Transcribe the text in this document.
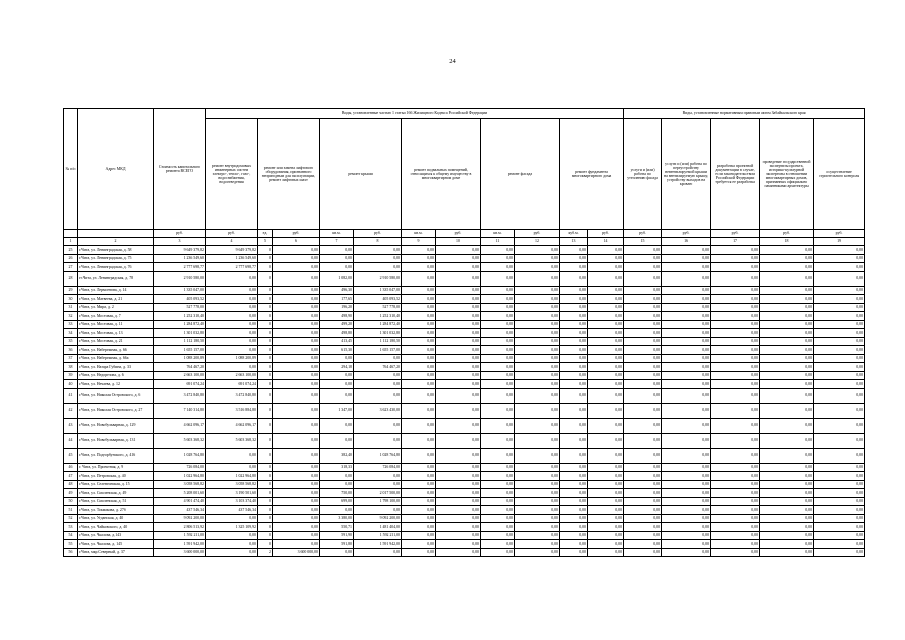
24
№ п/п	Адрес МКД	Стоимость капитального ремонта ВСЕГО	Виды, установленные частью 1 статьи 166 Жилищного Кодекса Российской Федерации											Виды, установленные нормативным правовым актом Забайкальского края				
			ремонт внутридомовых инженерных систем электро-, тепло-, газо-, водоснабжения, водоотведения	ремонт или замена лифтового оборудования, признанного непригодным для эксплуатации, ремонт лифтовых шахт		ремонт крыши		ремонт подвальных помещений, относящихся к общему имуществу в многоквартирном доме		ремонт фасада		ремонт фундамента многоквартирного дома		услуги и (или) работы по утеплению фасада	услуги и (или) работы по переустройству невентилируемой крыши на вентилируемую крышу, устройству выходов на кровлю	разработка проектной документации в случае, если законодательством Российской Федерации требуется ее разработка	проведение государственной экспертизы проекта, историко-культурной экспертизы в отношении многоквартирных домов, признанных официально памятниками архитектуры	осуществление строительного контроля
		руб.	руб.	ед.	руб.	кв.м.	руб.	кв.м.	руб.	кв.м.	руб.	куб.м.	руб.	руб.	руб.	руб.	руб.	руб.
1	2	3	4	5	6	7	8	9	10	11	12	13	14	15	16	17	18	19
25	г.Чита, ул. Ленинградская, д. 58	9 649 379,82	9 649 379,82	0	0,00	0,00	0,00	0,00	0,00	0,00	0,00	0,00	0,00	0,00	0,00	0,00	0,00	0,00
26	г.Чита, ул. Ленинградская, д. 75	1 236 549,60	1 236 549,60	0	0,00	0,00	0,00	0,00	0,00	0,00	0,00	0,00	0,00	0,00	0,00	0,00	0,00	0,00
27	г.Чита, ул. Ленинградская, д. 76	2 777 698,77	2 777 698,77	0	0,00	0,00	0,00	0,00	0,00	0,00	0,00	0,00	0,00	0,00	0,00	0,00	0,00	0,00
28	гг.Чита, ул. Ленинградская, д. 78	2 910 580,00	0,00	0	0,00	1 082,00	2 910 580,00	0,00	0,00	0,00	0,00	0,00	0,00	0,00	0,00	0,00	0,00	0,00
29	г.Чита, ул. Лермонтова, д. 14	1 335 047,00	0,00	0	0,00	496,30	1 335 047,00	0,00	0,00	0,00	0,00	0,00	0,00	0,00	0,00	0,00	0,00	0,00
30	г.Чита, ул. Матвеева, д. 21	405 093,52	0,00	0	0,00	177,65	405 093,52	0,00	0,00	0,00	0,00	0,00	0,00	0,00	0,00	0,00	0,00	0,00
31	г.Чита, ул. Мира, д. 2	527 778,00	0,00	0	0,00	196,20	527 778,00	0,00	0,00	0,00	0,00	0,00	0,00	0,00	0,00	0,00	0,00	0,00
32	г.Чита, ул. Мостовая, д. 7	1 252 310,40	0,00	0	0,00	498,90	1 252 310,40	0,00	0,00	0,00	0,00	0,00	0,00	0,00	0,00	0,00	0,00	0,00
33	г.Чита, ул. Мостовая, д. 11	1 284 872,40	0,00	0	0,00	499,20	1 284 872,40	0,00	0,00	0,00	0,00	0,00	0,00	0,00	0,00	0,00	0,00	0,00
34	г.Чита, ул. Мостовая, д. 13	1 301 032,80	0,00	0	0,00	498,80	1 301 032,80	0,00	0,00	0,00	0,00	0,00	0,00	0,00	0,00	0,00	0,00	0,00
35	г.Чита, ул. Мостовая, д. 21	1 112 180,50	0,00	0	0,00	413,45	1 112 180,50	0,00	0,00	0,00	0,00	0,00	0,00	0,00	0,00	0,00	0,00	0,00
36	г.Чита, ул. Набережная, д. 66	1 655 157,00	0,00	0	0,00	615,30	1 655 157,00	0,00	0,00	0,00	0,00	0,00	0,00	0,00	0,00	0,00	0,00	0,00
37	г.Чита, ул. Набережная, д. 66а	1 088 200,89	1 088 200,89	0	0,00	0,00	0,00	0,00	0,00	0,00	0,00	0,00	0,00	0,00	0,00	0,00	0,00	0,00
38	г.Чита, ул. Назара Губина, д. 33	764 467,20	0,00	0	0,00	294,18	764 467,20	0,00	0,00	0,00	0,00	0,00	0,00	0,00	0,00	0,00	0,00	0,00
39	г.Чита, ул. Недорезова, д. 6	2 663 100,00	2 663 100,00	0	0,00	0,00	0,00	0,00	0,00	0,00	0,00	0,00	0,00	0,00	0,00	0,00	0,00	0,00
40	г.Чита, ул. Нечаева, д. 12	691 074,24	691 074,24	0	0,00	0,00	0,00	0,00	0,00	0,00	0,00	0,00	0,00	0,00	0,00	0,00	0,00	0,00
41	г.Чита, ул. Николая Островского, д. 6	3 472 840,80	3 472 840,80	0	0,00	0,00	0,00	0,00	0,00	0,00	0,00	0,00	0,00	0,00	0,00	0,00	0,00	0,00
42	г.Чита, ул. Николая Островского, д. 27	7 140 314,80	3 516 884,80	0	0,00	1 347,00	3 623 430,00	0,00	0,00	0,00	0,00	0,00	0,00	0,00	0,00	0,00	0,00	0,00
43	г.Чита, ул. Новобульварная, д. 129	4 662 096,17	4 662 096,17	0	0,00	0,00	0,00	0,00	0,00	0,00	0,00	0,00	0,00	0,00	0,00	0,00	0,00	0,00
44	г.Чита, ул. Новобульварная, д. 131	5 603 368,32	5 603 368,32	0	0,00	0,00	0,00	0,00	0,00	0,00	0,00	0,00	0,00	0,00	0,00	0,00	0,00	0,00
45	г.Чита, ул. Подгорбунского, д. 416	1 028 764,80	0,00	0	0,00	382,40	1 028 764,80	0,00	0,00	0,00	0,00	0,00	0,00	0,00	0,00	0,00	0,00	0,00
46	г. Чита, ул. Проектная, д. 9	726 084,00	0,00	0	0,00	318,33	726 084,00	0,00	0,00	0,00	0,00	0,00	0,00	0,00	0,00	0,00	0,00	0,00
47	г.Чита, ул. Петровская, д. 40	1 022 964,80	1 022 964,80	0	0,00	0,00	0,00	0,00	0,00	0,00	0,00	0,00	0,00	0,00	0,00	0,00	0,00	0,00
48	г.Чита, ул. Селенгинская, д. 15	3 058 568,82	3 058 568,82	0	0,00	0,00	0,00	0,00	0,00	0,00	0,00	0,00	0,00	0,00	0,00	0,00	0,00	0,00
49	г.Чита, ул. Смоленская, д. 49	5 208 001,60	3 190 501,60	0	0,00	750,00	2 017 500,00	0,00	0,00	0,00	0,00	0,00	0,00	0,00	0,00	0,00	0,00	0,00
50	г.Чита, ул. Смоленская, д. 51	4 901 474,40	3 103 374,40	0	0,00	699,00	1 798 100,00	0,00	0,00	0,00	0,00	0,00	0,00	0,00	0,00	0,00	0,00	0,00
51	г.Чита, ул. Токмакова, д. 27б	437 546,34	437 546,34	0	0,00	0,00	0,00	0,00	0,00	0,00	0,00	0,00	0,00	0,00	0,00	0,00	0,00	0,00
52	г.Чита, ул. Угданская, д. 40	9 092 200,00	0,00	0	0,00	3 380,00	9 092 200,00	0,00	0,00	0,00	0,00	0,00	0,00	0,00	0,00	0,00	0,00	0,00
53	г.Чита, ул. Чайковского, д. 40	2 806 513,92	1 325 109,92	0	0,00	550,71	1 481 404,00	0,00	0,00	0,00	0,00	0,00	0,00	0,00	0,00	0,00	0,00	0,00
54	г.Чита, ул. Чкалова, д.143	1 592 211,00	0,00	0	0,00	591,90	1 592 211,00	0,00	0,00	0,00	0,00	0,00	0,00	0,00	0,00	0,00	0,00	0,00
55	г.Чита, ул. Чкалова, д. 145	1 591 942,00	0,00	0	0,00	591,80	1 591 942,00	0,00	0,00	0,00	0,00	0,00	0,00	0,00	0,00	0,00	0,00	0,00
56	г.Чита, мкр.Северный, д. 37	3 600 000,00	0,00	2	3 600 000,00	0,00	0,00	0,00	0,00	0,00	0,00	0,00	0,00	0,00	0,00	0,00	0,00	0,00
